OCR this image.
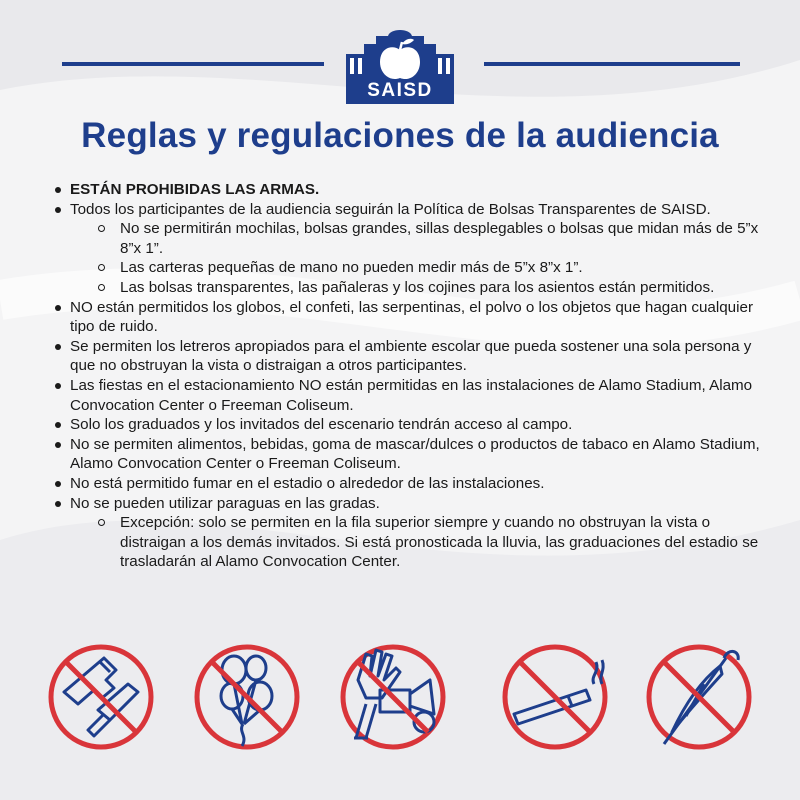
SAISD
Reglas y regulaciones de la audiencia
ESTÁN PROHIBIDAS LAS ARMAS.
Todos los participantes de la audiencia seguirán la Política de Bolsas Transparentes de SAISD.
No se permitirán mochilas, bolsas grandes, sillas desplegables o bolsas que midan más de 5”x 8”x 1”.
Las carteras pequeñas de mano no pueden medir más de 5”x 8”x 1”.
Las bolsas transparentes, las pañaleras y los cojines para los asientos están permitidos.
NO están permitidos los globos, el confeti, las serpentinas, el polvo o los objetos que hagan cualquier tipo de ruido.
Se permiten los letreros apropiados para el ambiente escolar que pueda sostener una sola persona y que no obstruyan la vista o distraigan a otros participantes.
Las fiestas en el estacionamiento NO están permitidas en las instalaciones de Alamo Stadium, Alamo Convocation Center o Freeman Coliseum.
Solo los graduados y los invitados del escenario tendrán acceso al campo.
No se permiten alimentos, bebidas, goma de mascar/dulces o productos de tabaco en Alamo Stadium, Alamo Convocation Center o Freeman Coliseum.
No está permitido fumar en el estadio o alrededor de las instalaciones.
No se pueden utilizar paraguas en las gradas.
Excepción: solo se permiten en la fila superior siempre y cuando no obstruyan la vista o distraigan a los demás invitados. Si está pronosticada la lluvia, las graduaciones del estadio se trasladarán al Alamo Convocation Center.
